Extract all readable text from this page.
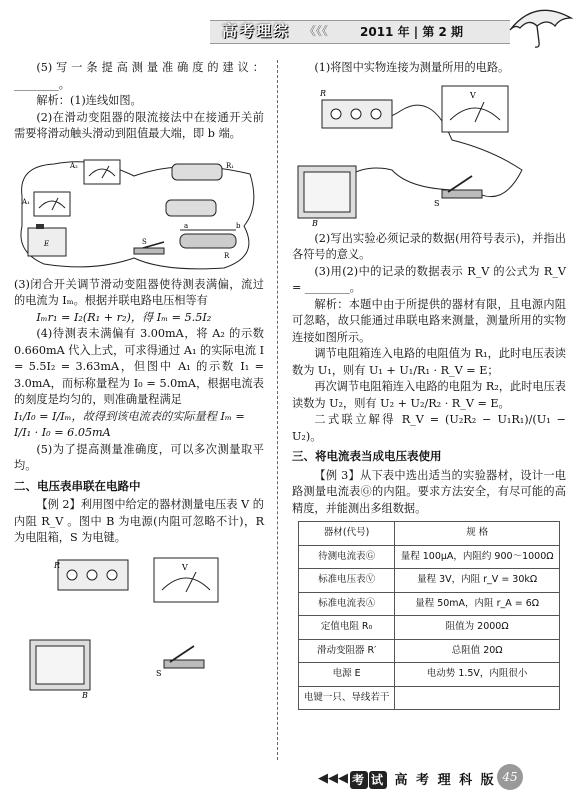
高考理综 《《《	2011 年 | 第 2 期

(5)写一条提高测量准确度的建议：________。

解析：(1)连线如图。

(2)在滑动变阻器的限流接法中在接通开关前需要将滑动触头滑动到阻值最大端，即 b 端。

A₂	R₁
A₁
E	S
R
a	b

(3)闭合开关调节滑动变阻器使待测表满偏，流过的电流为 Iₘ。根据并联电路电压相等有

Iₘr₁ = I₂(R₁ + r₂)，得 Iₘ = 5.5I₂

(4)待测表未满偏有 3.00mA，将 A₂ 的示数 0.660mA 代入上式，可求得通过 A₁ 的实际电流 I = 5.5I₂ = 3.63mA，但图中 A₁ 的示数 I₁ = 3.0mA，而标称量程为 I₀ = 5.0mA，根据电流表的刻度是均匀的，则准确量程满足

I₁/I₀ = I/Iₘ，故得到该电流表的实际量程 Iₘ =

I/I₁ · I₀ = 6.05mA

(5)为了提高测量准确度，可以多次测量取平均。

二、电压表串联在电路中

【例 2】利用图中给定的器材测量电压表 V 的内阻 R_V 。图中 B 为电源(内阻可忽略不计)，R 为电阻箱，S 为电键。

R	V
S
B

(1)将图中实物连接为测量所用的电路。

R	V
S
B

(2)写出实验必须记录的数据(用符号表示)，并指出各符号的意义。

(3)用(2)中的记录的数据表示 R_V 的公式为 R_V = ________。

解析：本题中由于所提供的器材有限，且电源内阻可忽略，故只能通过串联电路来测量，测量所用的实物连接如图所示。

调节电阻箱连入电路的电阻值为 R₁，此时电压表读数为 U₁，则有 U₁ + U₁/R₁ · R_V = E；

再次调节电阻箱连入电路的电阻为 R₂，此时电压表读数为 U₂，则有 U₂ + U₂/R₂ · R_V = E。

二式联立解得 R_V = (U₂R₂ − U₁R₁)/(U₁ − U₂)。

三、将电流表当成电压表使用

【例 3】从下表中选出适当的实验器材，设计一电路测量电流表Ⓖ的内阻。要求方法安全，有尽可能的高精度，并能测出多组数据。

器材(代号)	规 格
待测电流表Ⓖ	量程 100μA，内阻约 900～1000Ω
标准电压表Ⓥ	量程 3V，内阻 r_V = 30kΩ
标准电流表Ⓐ	量程 50mA，内阻 r_A = 6Ω
定值电阻 R₀	阻值为 2000Ω
滑动变阻器 R′	总阻值 20Ω
电源 E	电动势 1.5V，内阻很小
电键一只、导线若干	
◀◀◀ 考 试 高 考 理 科 版 45
